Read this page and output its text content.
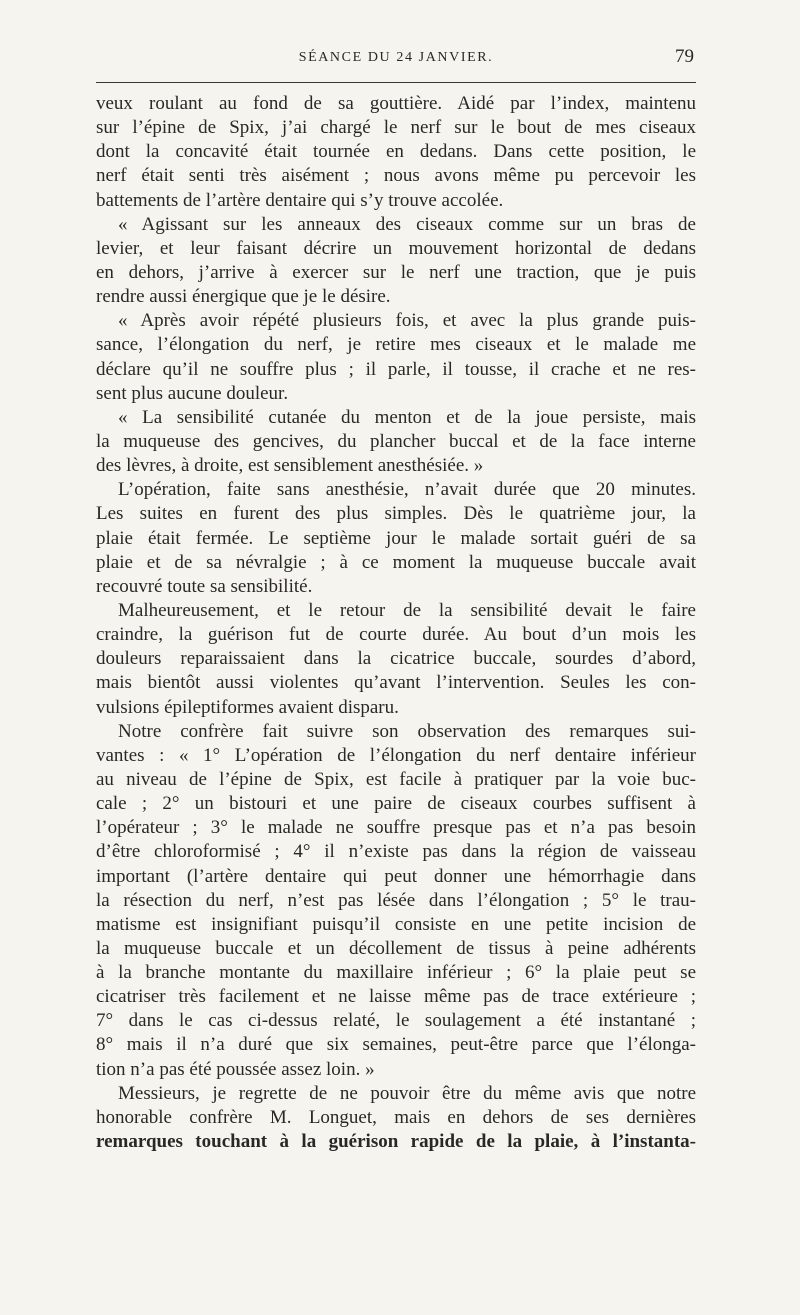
SÉANCE DU 24 JANVIER.	79
veux roulant au fond de sa gouttière. Aidé par l’index, maintenu
sur l’épine de Spix, j’ai chargé le nerf sur le bout de mes ciseaux
dont la concavité était tournée en dedans. Dans cette position, le
nerf était senti très aisément ; nous avons même pu percevoir les
battements de l’artère dentaire qui s’y trouve accolée.
« Agissant sur les anneaux des ciseaux comme sur un bras de
levier, et leur faisant décrire un mouvement horizontal de dedans
en dehors, j’arrive à exercer sur le nerf une traction, que je puis
rendre aussi énergique que je le désire.
« Après avoir répété plusieurs fois, et avec la plus grande puis-
sance, l’élongation du nerf, je retire mes ciseaux et le malade me
déclare qu’il ne souffre plus ; il parle, il tousse, il crache et ne res-
sent plus aucune douleur.
« La sensibilité cutanée du menton et de la joue persiste, mais
la muqueuse des gencives, du plancher buccal et de la face interne
des lèvres, à droite, est sensiblement anesthésiée. »
L’opération, faite sans anesthésie, n’avait durée que 20 minutes.
Les suites en furent des plus simples. Dès le quatrième jour, la
plaie était fermée. Le septième jour le malade sortait guéri de sa
plaie et de sa névralgie ; à ce moment la muqueuse buccale avait
recouvré toute sa sensibilité.
Malheureusement, et le retour de la sensibilité devait le faire
craindre, la guérison fut de courte durée. Au bout d’un mois les
douleurs reparaissaient dans la cicatrice buccale, sourdes d’abord,
mais bientôt aussi violentes qu’avant l’intervention. Seules les con-
vulsions épileptiformes avaient disparu.
Notre confrère fait suivre son observation des remarques sui-
vantes : « 1° L’opération de l’élongation du nerf dentaire inférieur
au niveau de l’épine de Spix, est facile à pratiquer par la voie buc-
cale ; 2° un bistouri et une paire de ciseaux courbes suffisent à
l’opérateur ; 3° le malade ne souffre presque pas et n’a pas besoin
d’être chloroformisé ; 4° il n’existe pas dans la région de vaisseau
important (l’artère dentaire qui peut donner une hémorrhagie dans
la résection du nerf, n’est pas lésée dans l’élongation ; 5° le trau-
matisme est insignifiant puisqu’il consiste en une petite incision de
la muqueuse buccale et un décollement de tissus à peine adhérents
à la branche montante du maxillaire inférieur ; 6° la plaie peut se
cicatriser très facilement et ne laisse même pas de trace extérieure ;
7° dans le cas ci-dessus relaté, le soulagement a été instantané ;
8° mais il n’a duré que six semaines, peut-être parce que l’élonga-
tion n’a pas été poussée assez loin. »
Messieurs, je regrette de ne pouvoir être du même avis que notre
honorable confrère M. Longuet, mais en dehors de ses dernières
remarques touchant à la guérison rapide de la plaie, à l’instanta-
